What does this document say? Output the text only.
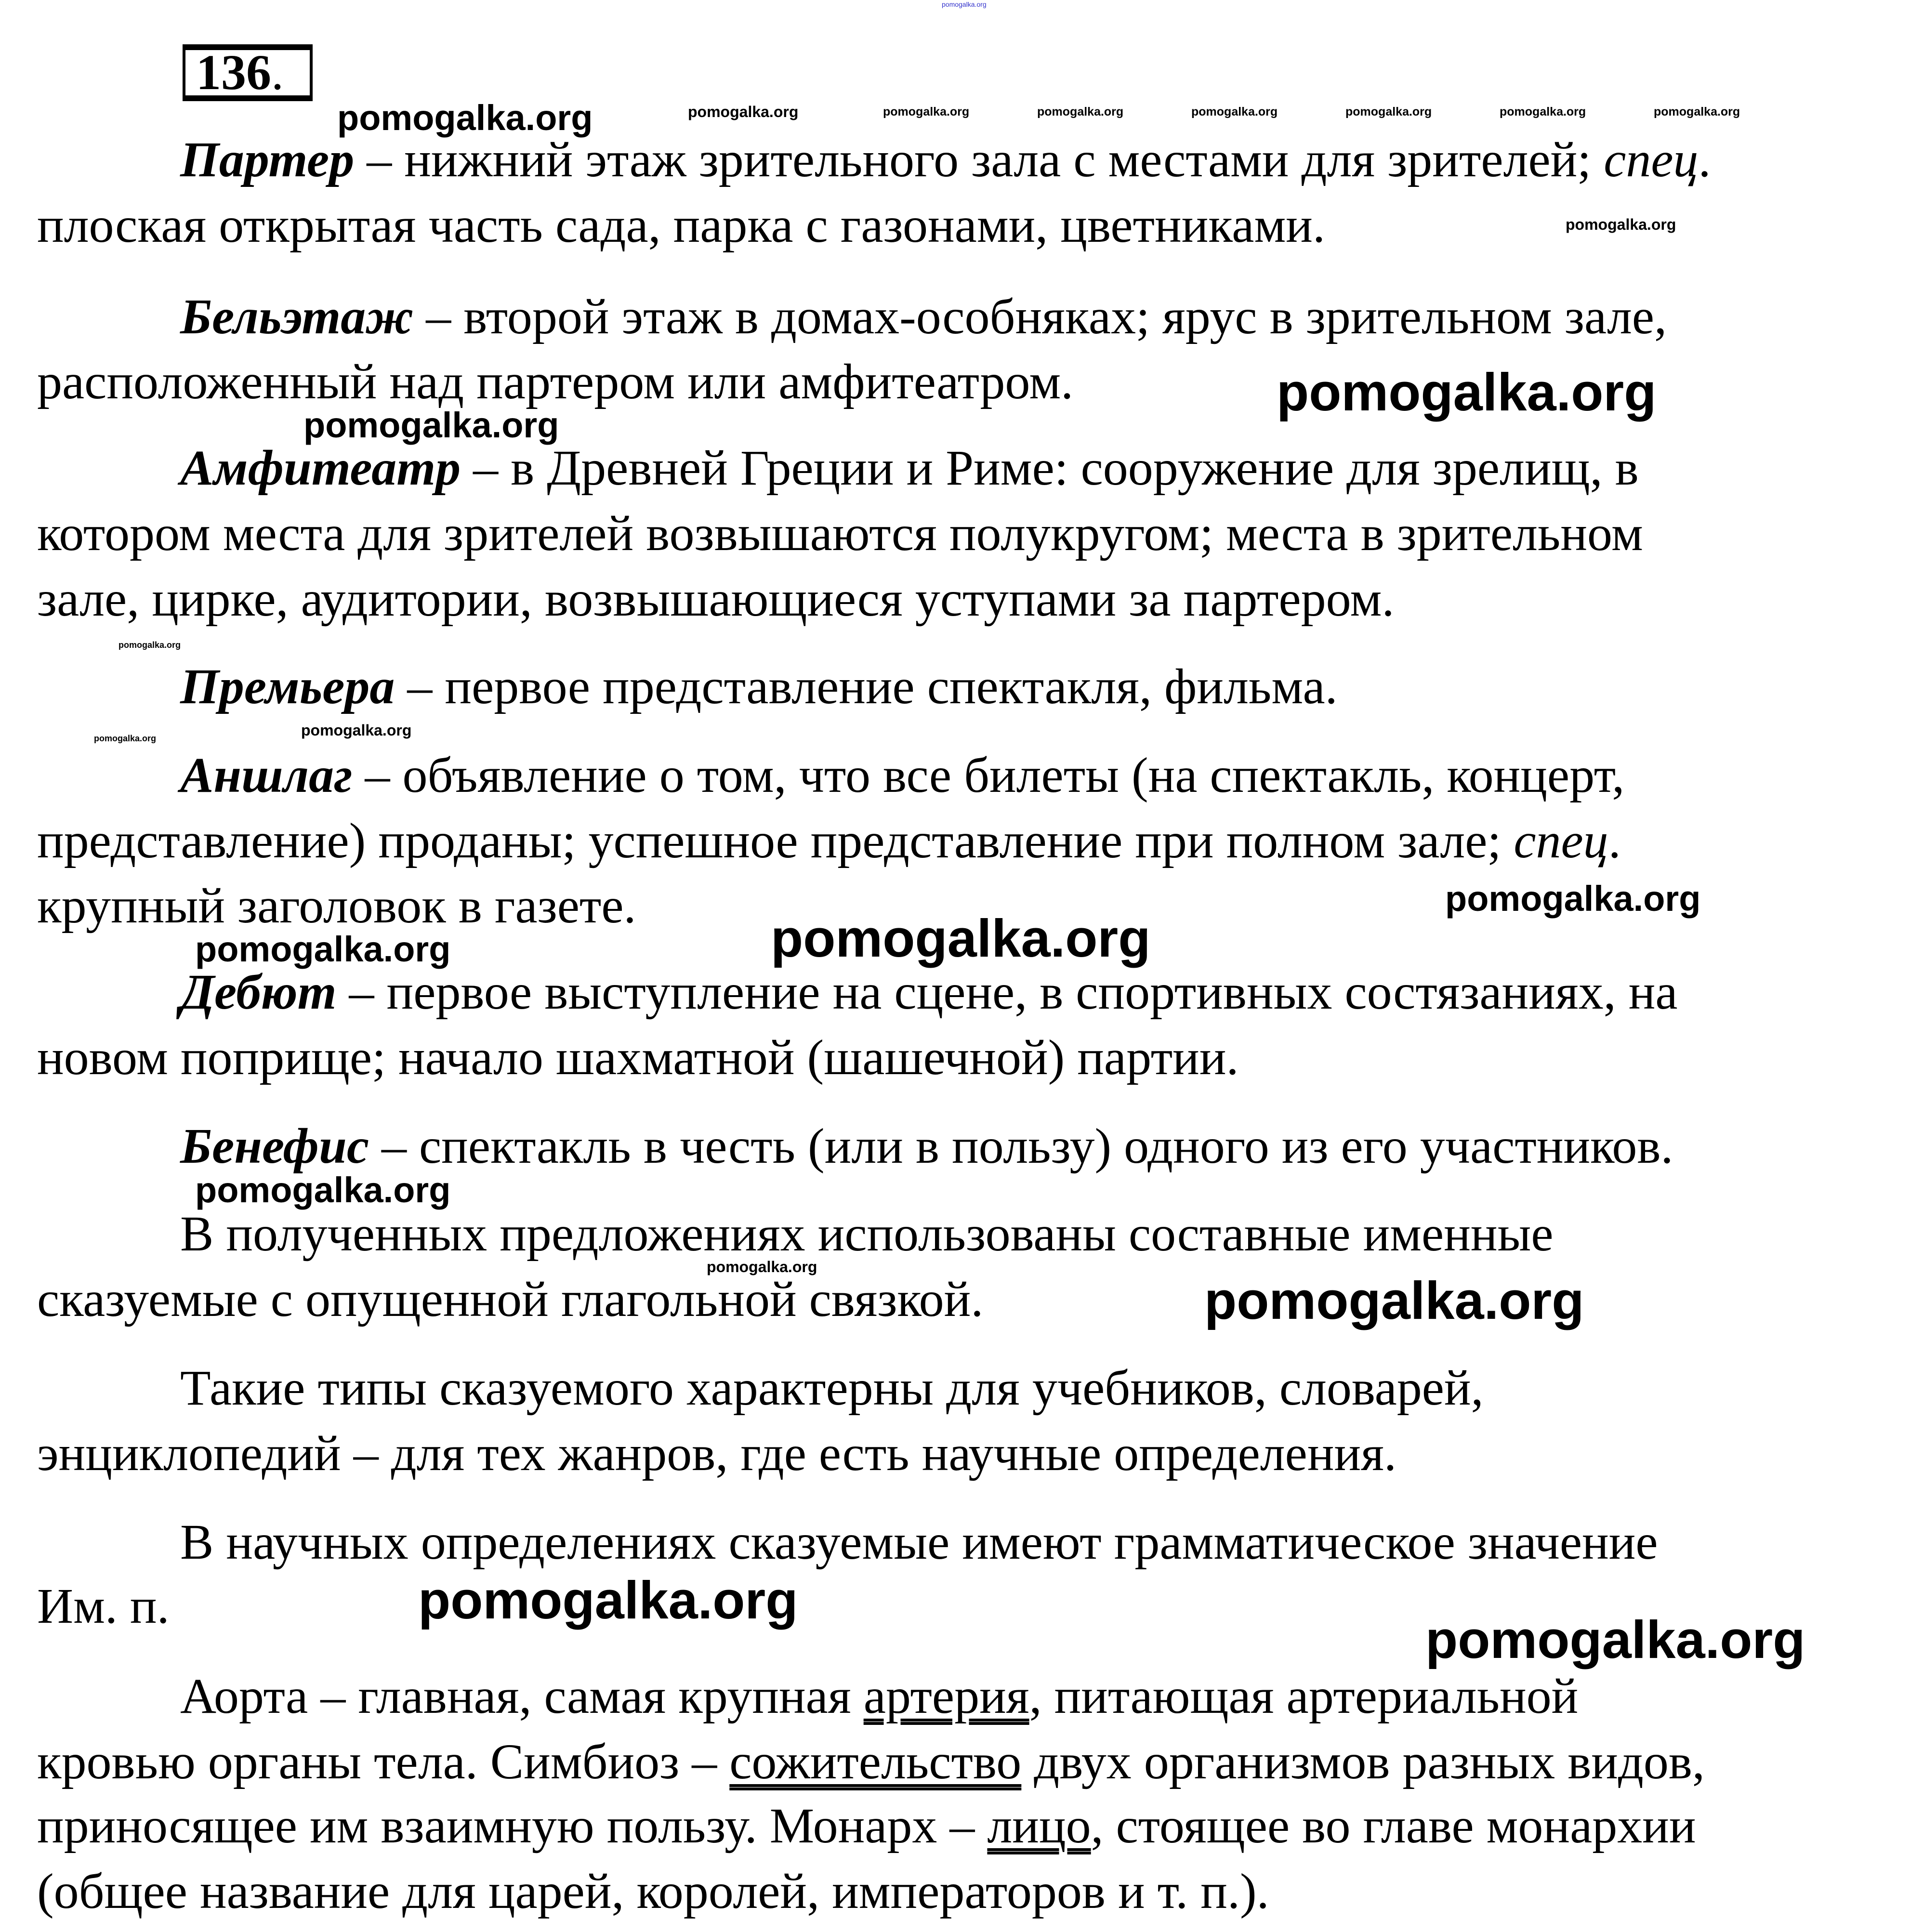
136.
Партер – нижний этаж зрительного зала с местами для зрителей; спец.
плоская открытая часть сада, парка с газонами, цветниками.
Бельэтаж – второй этаж в домах-особняках; ярус в зрительном зале,
расположенный над партером или амфитеатром.
Амфитеатр – в Древней Греции и Риме: сооружение для зрелищ, в
котором места для зрителей возвышаются полукругом; места в зрительном
зале, цирке, аудитории, возвышающиеся уступами за партером.
Премьера – первое представление спектакля, фильма.
Аншлаг – объявление о том, что все билеты (на спектакль, концерт,
представление) проданы; успешное представление при полном зале; спец.
крупный заголовок в газете.
Дебют – первое выступление на сцене, в спортивных состязаниях, на
новом поприще; начало шахматной (шашечной) партии.
Бенефис – спектакль в честь (или в пользу) одного из его участников.
В полученных предложениях использованы составные именные
сказуемые с опущенной глагольной связкой.
Такие типы сказуемого характерны для учебников, словарей,
энциклопедий – для тех жанров, где есть научные определения.
В научных определениях сказуемые имеют грамматическое значение
Им. п.
Аорта – главная, самая крупная артерия, питающая артериальной
кровью органы тела. Симбиоз – сожительство двух организмов разных видов,
приносящее им взаимную пользу. Монарх – лицо, стоящее во главе монархии
(общее название для царей, королей, императоров и т. п.).
pomogalka.org
pomogalka.org	pomogalka.org	pomogalka.org	pomogalka.org	pomogalka.org	pomogalka.org	pomogalka.org
pomogalka.org
pomogalka.org
pomogalka.org
pomogalka.org
pomogalka.org
pomogalka.org	pomogalka.org
pomogalka.org
pomogalka.org	pomogalka.org
pomogalka.org
pomogalka.org
pomogalka.org
pomogalka.org
pomogalka.org
